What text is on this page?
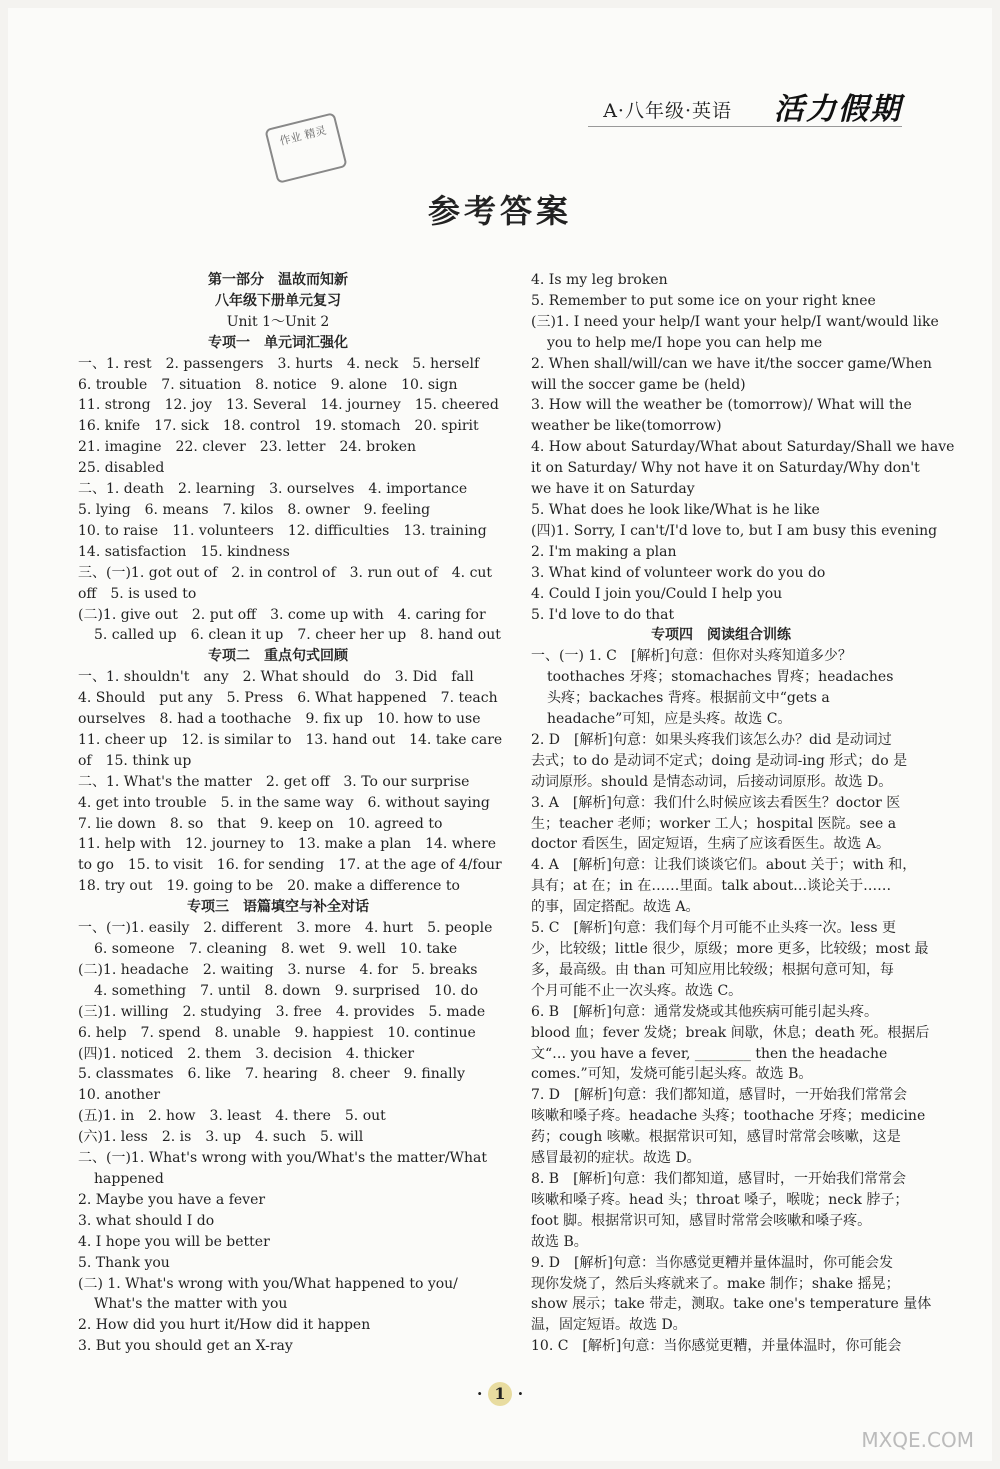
作业 精灵
A·八年级·英语 活力假期
参考答案
第一部分　温故而知新
八年级下册单元复习
Unit 1～Unit 2
专项一　单元词汇强化
一、1. rest　2. passengers　3. hurts　4. neck　5. herself
6. trouble　7. situation　8. notice　9. alone　10. sign
11. strong　12. joy　13. Several　14. journey　15. cheered
16. knife　17. sick　18. control　19. stomach　20. spirit
21. imagine　22. clever　23. letter　24. broken
25. disabled
二、1. death　2. learning　3. ourselves　4. importance
5. lying　6. means　7. kilos　8. owner　9. feeling
10. to raise　11. volunteers　12. difficulties　13. training
14. satisfaction　15. kindness
三、(一)1. got out of　2. in control of　3. run out of　4. cut
off　5. is used to
(二)1. give out　2. put off　3. come up with　4. caring for
5. called up　6. clean it up　7. cheer her up　8. hand out
专项二　重点句式回顾
一、1. shouldn't　any　2. What should　do　3. Did　fall
4. Should　put any　5. Press　6. What happened　7. teach
ourselves　8. had a toothache　9. fix up　10. how to use
11. cheer up　12. is similar to　13. hand out　14. take care
of　15. think up
二、1. What's the matter　2. get off　3. To our surprise
4. get into trouble　5. in the same way　6. without saying
7. lie down　8. so　that　9. keep on　10. agreed to
11. help with　12. journey to　13. make a plan　14. where
to go　15. to visit　16. for sending　17. at the age of 4/four
18. try out　19. going to be　20. make a difference to
专项三　语篇填空与补全对话
一、(一)1. easily　2. different　3. more　4. hurt　5. people
6. someone　7. cleaning　8. wet　9. well　10. take
(二)1. headache　2. waiting　3. nurse　4. for　5. breaks
4. something　7. until　8. down　9. surprised　10. do
(三)1. willing　2. studying　3. free　4. provides　5. made
6. help　7. spend　8. unable　9. happiest　10. continue
(四)1. noticed　2. them　3. decision　4. thicker
5. classmates　6. like　7. hearing　8. cheer　9. finally
10. another
(五)1. in　2. how　3. least　4. there　5. out
(六)1. less　2. is　3. up　4. such　5. will
二、(一)1. What's wrong with you/What's the matter/What
happened
2. Maybe you have a fever
3. what should I do
4. I hope you will be better
5. Thank you
(二) 1. What's wrong with you/What happened to you/
What's the matter with you
2. How did you hurt it/How did it happen
3. But you should get an X-ray
4. Is my leg broken
5. Remember to put some ice on your right knee
(三)1. I need your help/I want your help/I want/would like
you to help me/I hope you can help me
2. When shall/will/can we have it/the soccer game/When
will the soccer game be (held)
3. How will the weather be (tomorrow)/ What will the
weather be like(tomorrow)
4. How about Saturday/What about Saturday/Shall we have
it on Saturday/ Why not have it on Saturday/Why don't
we have it on Saturday
5. What does he look like/What is he like
(四)1. Sorry, I can't/I'd love to, but I am busy this evening
2. I'm making a plan
3. What kind of volunteer work do you do
4. Could I join you/Could I help you
5. I'd love to do that
专项四　阅读组合训练
一、(一) 1. C　[解析]句意：但你对头疼知道多少？
toothaches 牙疼；stomachaches 胃疼；headaches
头疼；backaches 背疼。根据前文中“gets a
headache”可知，应是头疼。故选 C。
2. D　[解析]句意：如果头疼我们该怎么办？did 是动词过
去式；to do 是动词不定式；doing 是动词-ing 形式；do 是
动词原形。should 是情态动词，后接动词原形。故选 D。
3. A　[解析]句意：我们什么时候应该去看医生？doctor 医
生；teacher 老师；worker 工人；hospital 医院。see a
doctor 看医生，固定短语，生病了应该看医生。故选 A。
4. A　[解析]句意：让我们谈谈它们。about 关于；with 和，
具有；at 在；in 在……里面。talk about…谈论关于……
的事，固定搭配。故选 A。
5. C　[解析]句意：我们每个月可能不止头疼一次。less 更
少，比较级；little 很少，原级；more 更多，比较级；most 最
多，最高级。由 than 可知应用比较级；根据句意可知，每
个月可能不止一次头疼。故选 C。
6. B　[解析]句意：通常发烧或其他疾病可能引起头疼。
blood 血；fever 发烧；break 间歇，休息；death 死。根据后
文“… you have a fever, ________ then the headache
comes.”可知，发烧可能引起头疼。故选 B。
7. D　[解析]句意：我们都知道，感冒时，一开始我们常常会
咳嗽和嗓子疼。headache 头疼；toothache 牙疼；medicine
药；cough 咳嗽。根据常识可知，感冒时常常会咳嗽，这是
感冒最初的症状。故选 D。
8. B　[解析]句意：我们都知道，感冒时，一开始我们常常会
咳嗽和嗓子疼。head 头；throat 嗓子，喉咙；neck 脖子；
foot 脚。根据常识可知，感冒时常常会咳嗽和嗓子疼。
故选 B。
9. D　[解析]句意：当你感觉更糟并量体温时，你可能会发
现你发烧了，然后头疼就来了。make 制作；shake 摇晃；
show 展示；take 带走，测取。take one's temperature 量体
温，固定短语。故选 D。
10. C　[解析]句意：当你感觉更糟，并量体温时，你可能会
· 1 ·
MXQE.COM
